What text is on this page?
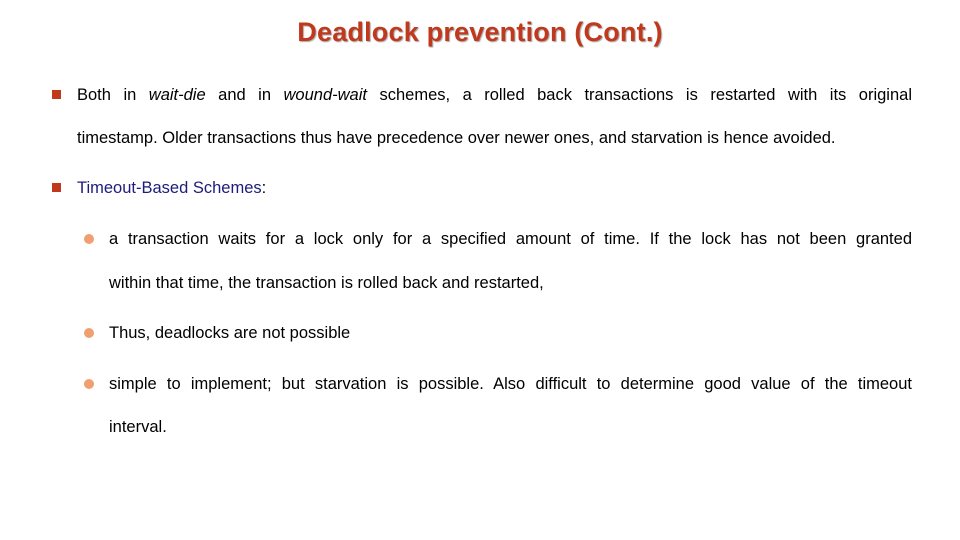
Deadlock prevention (Cont.)
Both in wait-die and in wound-wait schemes, a rolled back transactions is restarted with its original
timestamp. Older transactions thus have precedence over newer ones, and starvation is hence avoided.
Timeout-Based Schemes:
a transaction waits for a lock only for a specified amount of time. If the lock has not been granted
within that time, the transaction is rolled back and restarted,
Thus, deadlocks are not possible
simple to implement; but starvation is possible. Also difficult to determine good value of the timeout
interval.
